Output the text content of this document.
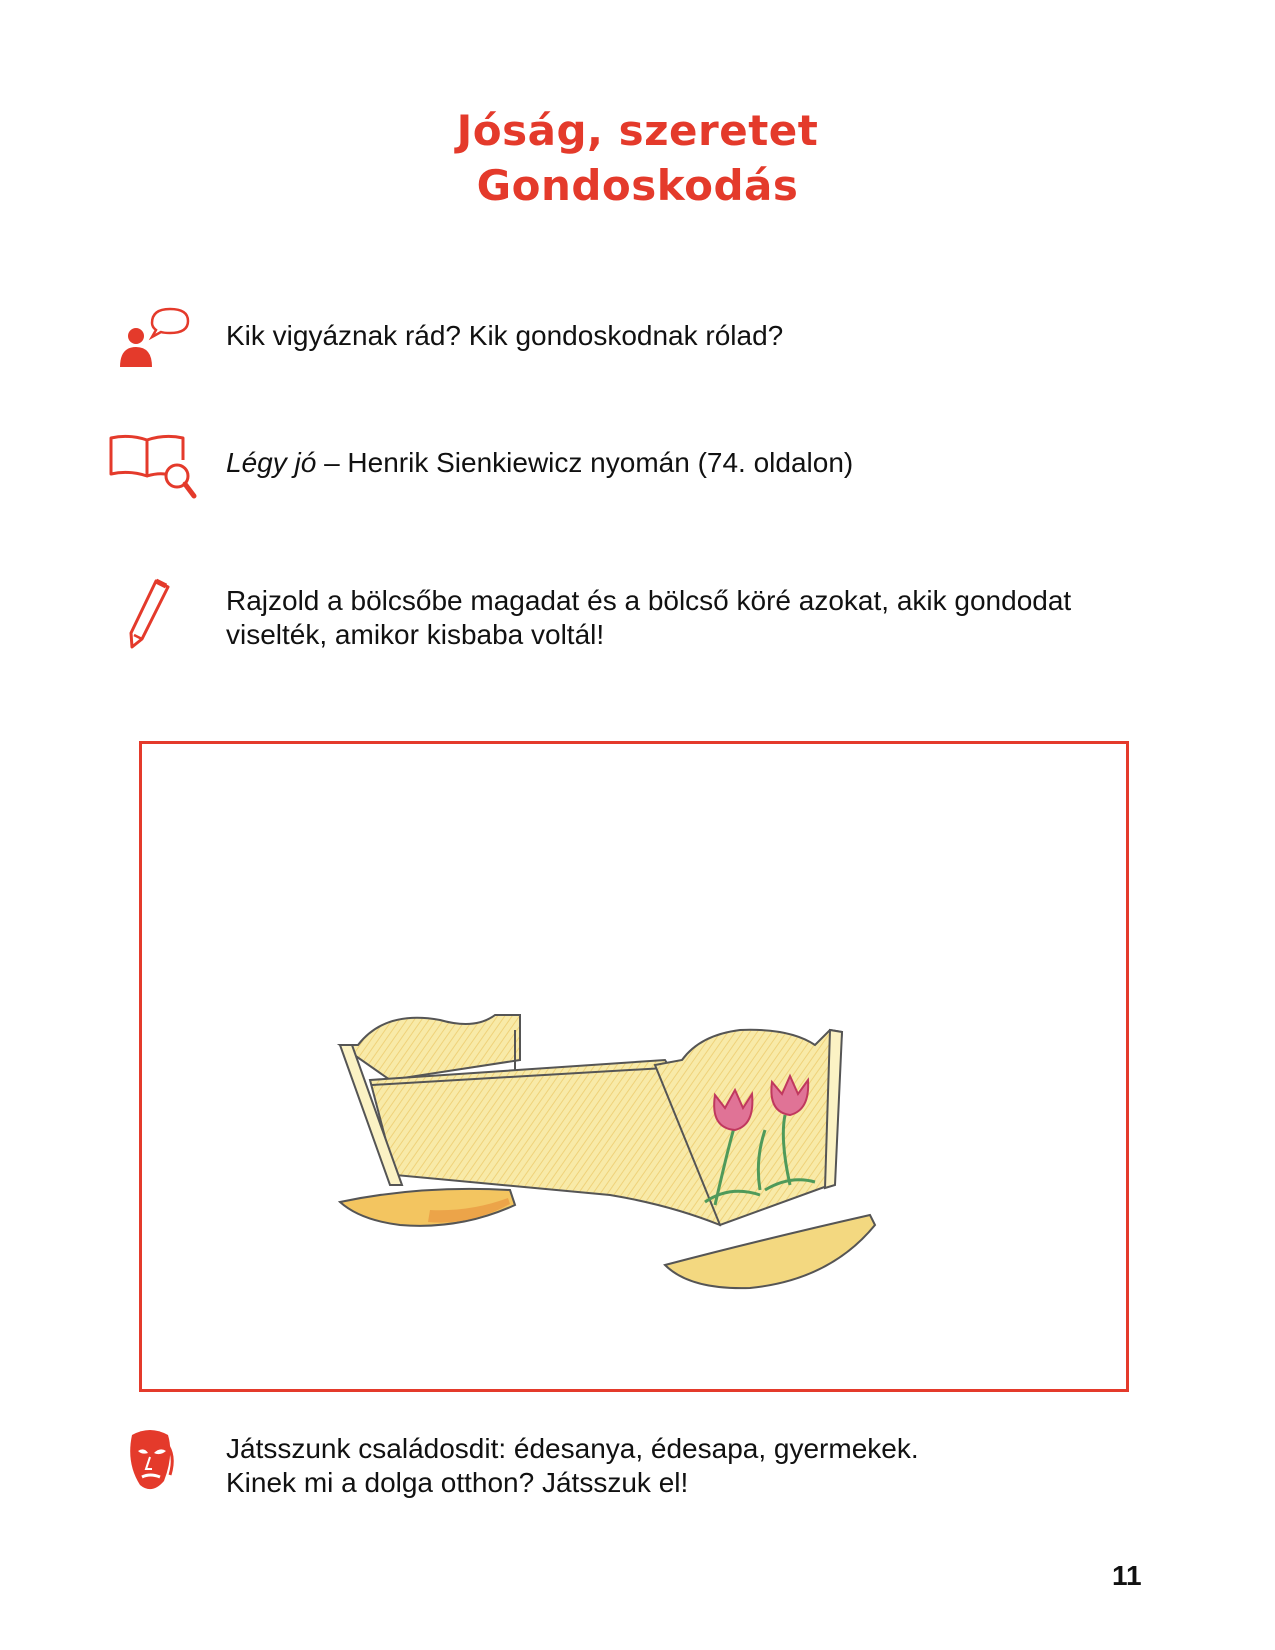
Jóság, szeretet
Gondoskodás
Kik vigyáznak rád? Kik gondoskodnak rólad?
Légy jó – Henrik Sienkiewicz nyomán (74. oldalon)
Rajzold a bölcsőbe magadat és a bölcső köré azokat, akik gondodat
viselték, amikor kisbaba voltál!
Játsszunk családosdit: édesanya, édesapa, gyermekek.
Kinek mi a dolga otthon? Játsszuk el!
11
